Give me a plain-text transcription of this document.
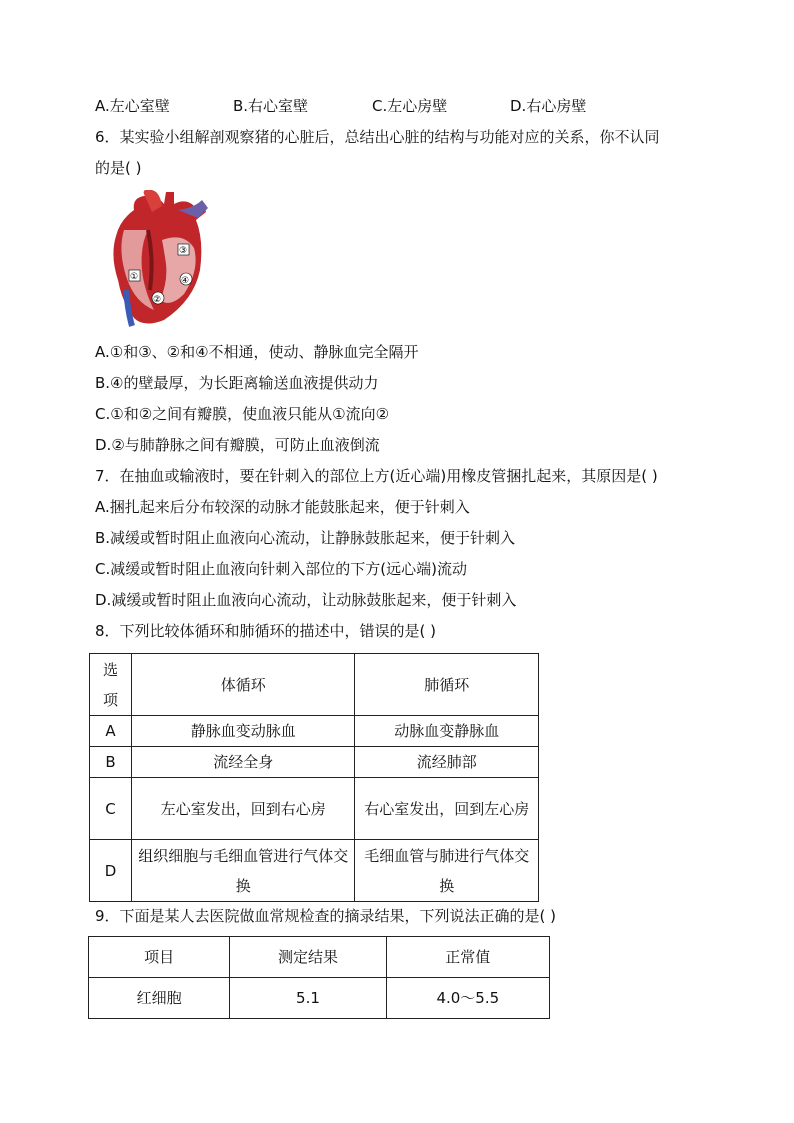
A.左心室壁	B.右心室壁	C.左心房壁	D.右心房壁
6．某实验小组解剖观察猪的心脏后，总结出心脏的结构与功能对应的关系，你不认同
的是( )
①
②
③
④
A.①和③、②和④不相通，使动、静脉血完全隔开
B.④的壁最厚，为长距离输送血液提供动力
C.①和②之间有瓣膜，使血液只能从①流向②
D.②与肺静脉之间有瓣膜，可防止血液倒流
7．在抽血或输液时，要在针刺入的部位上方(近心端)用橡皮管捆扎起来，其原因是( )
A.捆扎起来后分布较深的动脉才能鼓胀起来，便于针刺入
B.减缓或暂时阻止血液向心流动，让静脉鼓胀起来，便于针刺入
C.减缓或暂时阻止血液向针刺入部位的下方(远心端)流动
D.减缓或暂时阻止血液向心流动，让动脉鼓胀起来，便于针刺入
8．下列比较体循环和肺循环的描述中，错误的是( )
选项	体循环	肺循环
A	静脉血变动脉血	动脉血变静脉血
B	流经全身	流经肺部
C	左心室发出，回到右心房	右心室发出，回到左心房
D	组织细胞与毛细血管进行气体交换	毛细血管与肺进行气体交换
9．下面是某人去医院做血常规检查的摘录结果，下列说法正确的是( )
项目	测定结果	正常值
红细胞	5.1	4.0～5.5
